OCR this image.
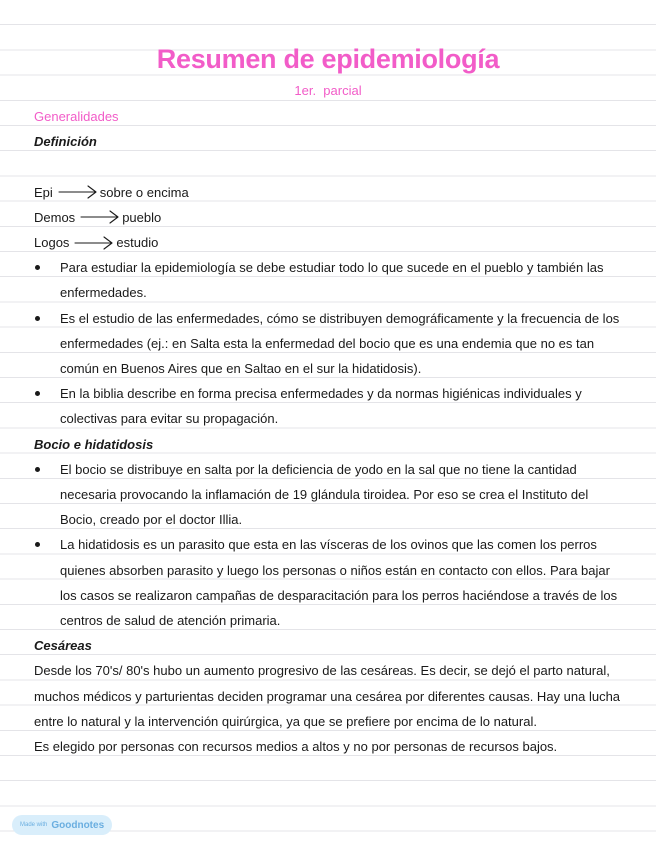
Resumen de epidemiología
1er.  parcial
Generalidades
Definición
Epi	sobre o encima
Demos	pueblo
Logos	estudio
Para estudiar la epidemiología se debe estudiar todo lo que sucede en el pueblo y también las enfermedades.
Es el estudio de las enfermedades, cómo se distribuyen demográficamente y la frecuencia de los enfermedades (ej.: en Salta esta la enfermedad del bocio que es una endemia que no es tan común en Buenos Aires que en Saltao en el sur la hidatidosis).
En la biblia describe en forma precisa enfermedades y da normas higiénicas individuales y colectivas para evitar su propagación.
Bocio e hidatidosis
El bocio se distribuye en salta por la deficiencia de yodo en la sal que no tiene la cantidad necesaria provocando la inflamación de 19 glándula tiroidea. Por eso se crea el Instituto del Bocio, creado por el doctor Illia.
La hidatidosis es un parasito que esta en las vísceras de los ovinos que las comen los perros quienes absorben parasito y luego los personas o niños están en contacto con ellos. Para bajar los casos se realizaron campañas de desparacitación para los perros haciéndose a través de los centros de salud de atención primaria.
Cesáreas

Desde los 70's/ 80's hubo un aumento progresivo de las cesáreas. Es decir, se dejó el parto natural, muchos médicos y parturientas deciden programar una cesárea por diferentes causas. Hay una lucha entre lo natural y la intervención quirúrgica, ya que se prefiere por encima de lo natural.

Es elegido por personas con recursos medios a altos y no por personas de recursos bajos.

Made with Goodnotes
